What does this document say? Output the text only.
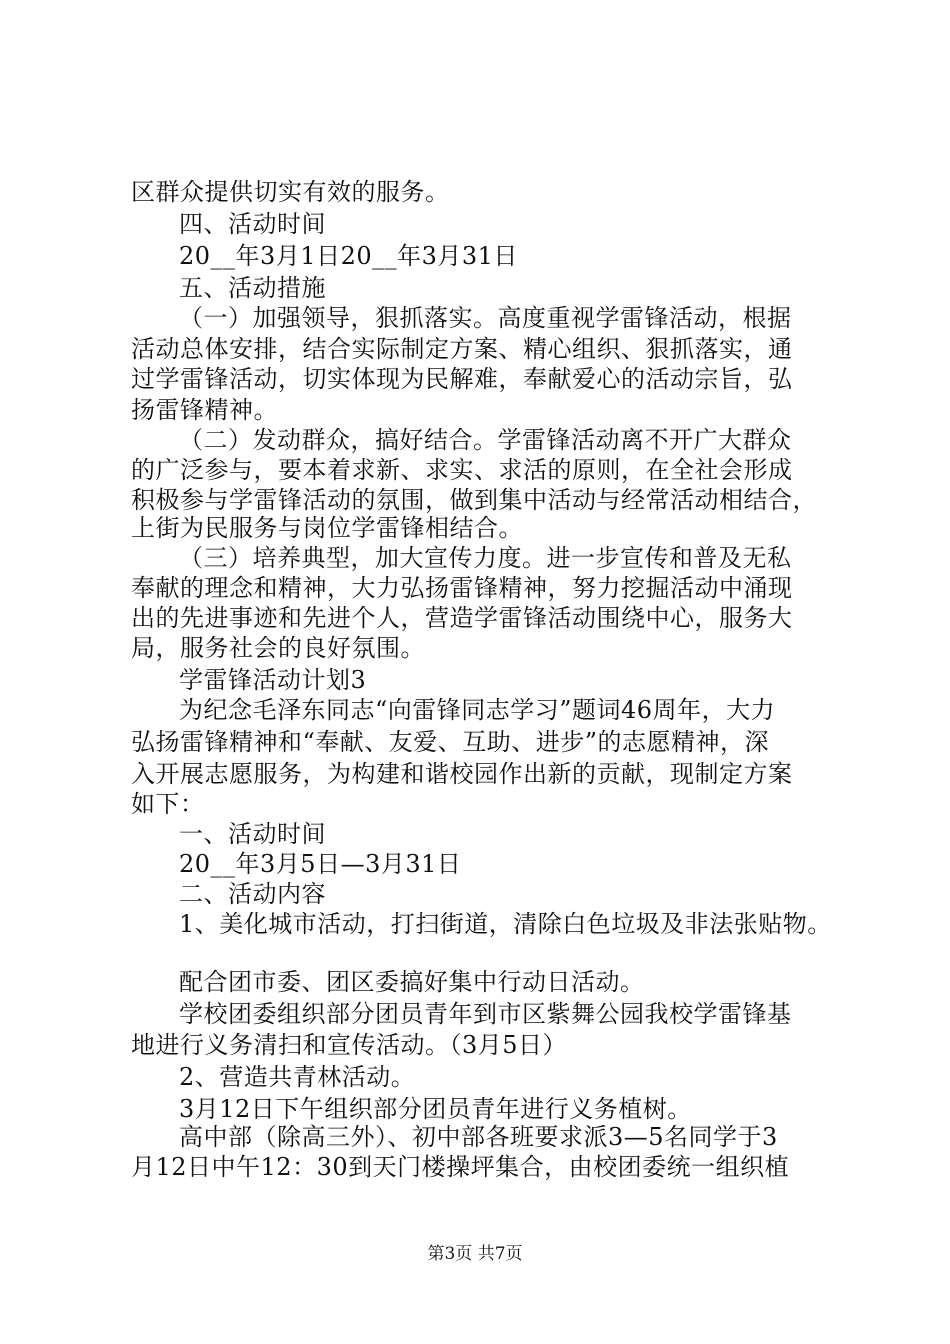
区群众提供切实有效的服务。
四、活动时间
20__年3月1日20__年3月31日
五、活动措施
（一）加强领导，狠抓落实。高度重视学雷锋活动，根据
活动总体安排，结合实际制定方案、精心组织、狠抓落实，通
过学雷锋活动，切实体现为民解难，奉献爱心的活动宗旨，弘
扬雷锋精神。
（二）发动群众，搞好结合。学雷锋活动离不开广大群众
的广泛参与，要本着求新、求实、求活的原则，在全社会形成
积极参与学雷锋活动的氛围，做到集中活动与经常活动相结合，
上街为民服务与岗位学雷锋相结合。
（三）培养典型，加大宣传力度。进一步宣传和普及无私
奉献的理念和精神，大力弘扬雷锋精神，努力挖掘活动中涌现
出的先进事迹和先进个人，营造学雷锋活动围绕中心，服务大
局，服务社会的良好氛围。
学雷锋活动计划3
为纪念毛泽东同志“向雷锋同志学习”题词46周年，大力
弘扬雷锋精神和“奉献、友爱、互助、进步”的志愿精神，深
入开展志愿服务，为构建和谐校园作出新的贡献，现制定方案
如下：
一、活动时间
20__年3月5日—3月31日
二、活动内容
1、美化城市活动，打扫街道，清除白色垃圾及非法张贴物。
配合团市委、团区委搞好集中行动日活动。
学校团委组织部分团员青年到市区紫舞公园我校学雷锋基
地进行义务清扫和宣传活动。（3月5日）
2、营造共青林活动。
3月12日下午组织部分团员青年进行义务植树。
高中部（除高三外）、初中部各班要求派3—5名同学于3
月12日中午12：30到天门楼操坪集合，由校团委统一组织植
第3页 共7页
